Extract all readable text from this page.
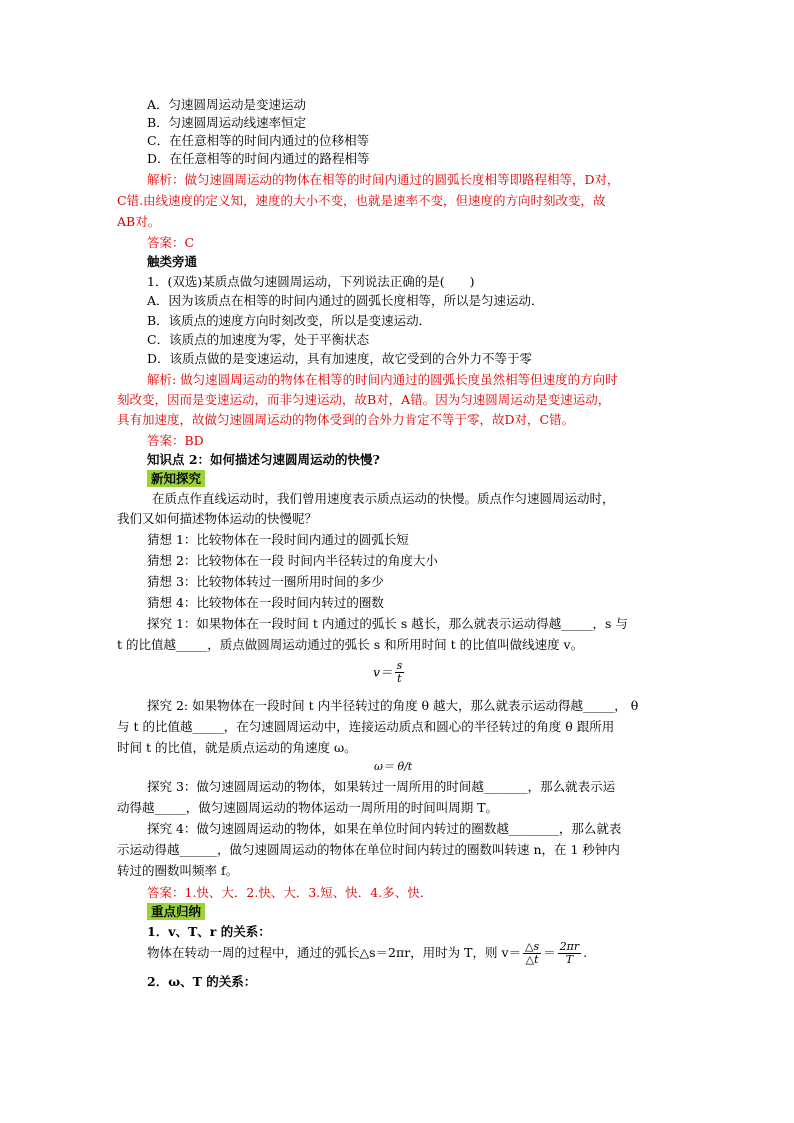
A．匀速圆周运动是变速运动
B．匀速圆周运动线速率恒定
C．在任意相等的时间内通过的位移相等
D．在任意相等的时间内通过的路程相等
解析：做匀速圆周运动的物体在相等的时间内通过的圆弧长度相等即路程相等，D对，
C错.由线速度的定义知，速度的大小不变，也就是速率不变，但速度的方向时刻改变，故
AB对。
答案：C
触类旁通
1．(双选)某质点做匀速圆周运动，下列说法正确的是(　　)
A．因为该质点在相等的时间内通过的圆弧长度相等，所以是匀速运动．
B．该质点的速度方向时刻改变，所以是变速运动．
C．该质点的加速度为零，处于平衡状态
D．该质点做的是变速运动，具有加速度，故它受到的合外力不等于零
解析: 做匀速圆周运动的物体在相等的时间内通过的圆弧长度虽然相等但速度的方向时
刻改变，因而是变速运动，而非匀速运动，故B对，A错。因为匀速圆周运动是变速运动，
具有加速度，故做匀速圆周运动的物体受到的合外力肯定不等于零，故D对，C错。
答案：BD
知识点 2：如何描述匀速圆周运动的快慢?
新知探究
在质点作直线运动时，我们曾用速度表示质点运动的快慢。质点作匀速圆周运动时，
我们又如何描述物体运动的快慢呢？
猜想 1：比较物体在一段时间内通过的圆弧长短
猜想 2：比较物体在一段 时间内半径转过的角度大小
猜想 3：比较物体转过一圈所用时间的多少
猜想 4：比较物体在一段时间内转过的圈数
探究 1：如果物体在一段时间 t 内通过的弧长 s 越长，那么就表示运动得越_____，s 与
t 的比值越_____，质点做圆周运动通过的弧长 s 和所用时间 t 的比值叫做线速度 v。
$v= \frac{s}{t}$
探究 2: 如果物体在一段时间 t 内半径转过的角度 θ 越大，那么就表示运动得越_____， θ
与 t 的比值越_____，在匀速圆周运动中，连接运动质点和圆心的半径转过的角度 θ 跟所用
时间 t 的比值，就是质点运动的角速度 ω。
ω＝ θ/t
探究 3：做匀速圆周运动的物体，如果转过一周所用的时间越_______，那么就表示运
动得越_____，做匀速圆周运动的物体运动一周所用的时间叫周期 T。
探究 4：做匀速圆周运动的物体，如果在单位时间内转过的圈数越________，那么就表
示运动得越______，做匀速圆周运动的物体在单位时间内转过的圈数叫转速 n，在 1 秒钟内
转过的圈数叫频率 f。
答案：1.快、大．2.快、大．3.短、快．4.多、快．
重点归纳
1．v、T、r 的关系：
物体在转动一周的过程中，通过的弧长△s＝2πr，用时为 T，则 $v= \frac{\triangle s}{\triangle t} = \frac{2\pi r}{T}$ .
2．ω、T 的关系：
